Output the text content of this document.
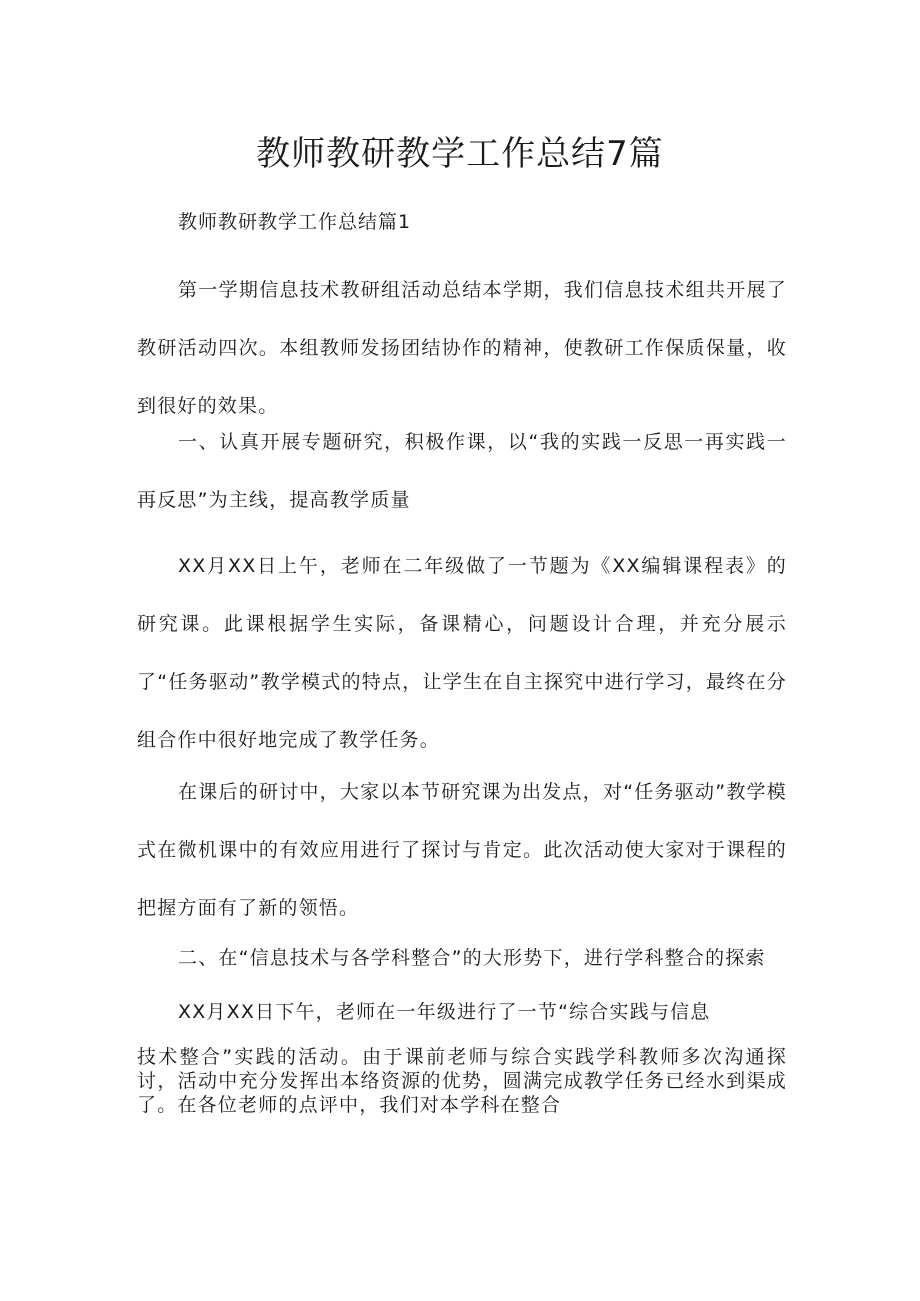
教师教研教学工作总结7篇

教师教研教学工作总结篇1

第一学期信息技术教研组活动总结本学期，我们信息技术组共开展了教研活动四次。本组教师发扬团结协作的精神，使教研工作保质保量，收到很好的效果。

一、认真开展专题研究，积极作课，以“我的实践一反思一再实践一再反思”为主线，提高教学质量

XX月XX日上午，老师在二年级做了一节题为《XX编辑课程表》的研究课。此课根据学生实际，备课精心，问题设计合理，并充分展示了“任务驱动”教学模式的特点，让学生在自主探究中进行学习，最终在分组合作中很好地完成了教学任务。

在课后的研讨中，大家以本节研究课为出发点，对“任务驱动”教学模式在微机课中的有效应用进行了探讨与肯定。此次活动使大家对于课程的把握方面有了新的领悟。

二、在“信息技术与各学科整合”的大形势下，进行学科整合的探索

XX月XX日下午，老师在一年级进行了一节“综合实践与信息

技术整合”实践的活动。由于课前老师与综合实践学科教师多次沟通探讨，活动中充分发挥出本络资源的优势，圆满完成教学任务已经水到渠成了。在各位老师的点评中，我们对本学科在整合
